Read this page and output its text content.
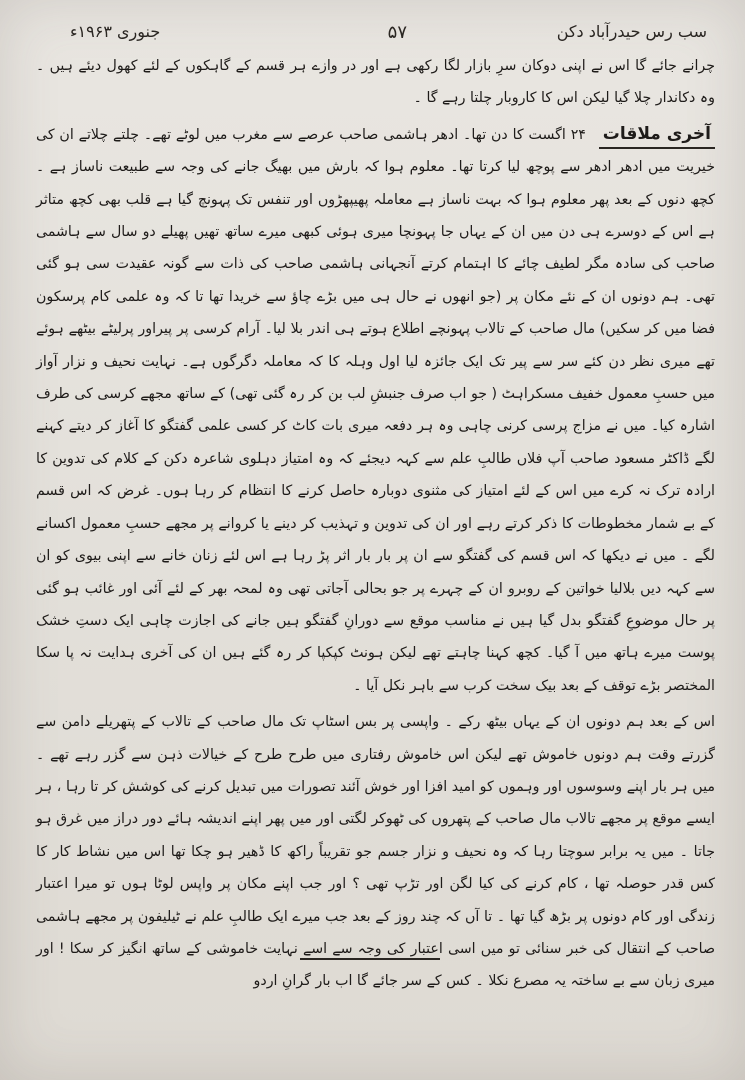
سب رس حیدرآباد دکن
۵۷
جنوری ۱۹۶۳ء

چرانے جائے گا اس نے اپنی دوکان سرِ بازار لگا رکھی ہے اور در وازے ہر قسم کے گاہکوں کے لئے کھول دیئے ہیں ۔ وہ دکاندار چلا گیا لیکن اس کا کاروبار چلتا رہے گا ۔

آخری ملاقات ۲۴ اگست کا دن تھا۔ ادھر ہاشمی صاحب عرصے سے مغرب میں لوٹے تھے۔ چلتے چلاتے ان کی خیریت میں ادھر ادھر سے پوچھ لیا کرتا تھا۔ معلوم ہوا کہ بارش میں بھیگ جانے کی وجہ سے طبیعت ناساز ہے ۔ کچھ دنوں کے بعد پھر معلوم ہوا کہ بہت ناساز ہے معاملہ پھیپھڑوں اور تنفس تک پہونچ گیا ہے قلب بھی کچھ متاثر ہے اس کے دوسرے ہی دن میں ان کے یہاں جا پہونچا میری ہوئی کبھی میرے ساتھ تھیں پھیلے دو سال سے ہاشمی صاحب کی سادہ مگر لطیف چائے کا اہتمام کرتے آنجہانی ہاشمی صاحب کی ذات سے گونہ عقیدت سی ہو گئی تھی۔ ہم دونوں ان کے نئے مکان پر (جو انھوں نے حال ہی میں بڑے چاؤ سے خریدا تھا تا کہ وہ علمی کام پرسکون فضا میں کر سکیں) مال صاحب کے تالاب پہونچے اطلاع ہوتے ہی اندر بلا لیا۔ آرام کرسی پر پیراور پرلیٹے بیٹھے ہوئے تھے میری نظر دن کئے سر سے پیر تک ایک جائزہ لیا اول وہلہ کا کہ معاملہ دگرگوں ہے۔ نہایت نحیف و نزار آواز میں حسبِ معمول خفیف مسکراہٹ ( جو اب صرف جنبشِ لب بن کر رہ گئی تھی) کے ساتھ مجھے کرسی کی طرف اشارہ کیا۔ میں نے مزاج پرسی کرنی چاہی وہ ہر دفعہ میری بات کاٹ کر کسی علمی گفتگو کا آغاز کر دیتے کہنے لگے ڈاکٹر مسعود صاحب آپ فلاں طالبِ علم سے کہہ دیجئے کہ وہ امتیاز دہلوی شاعرہ دکن کے کلام کی تدوین کا ارادہ ترک نہ کرے میں اس کے لئے امتیاز کی مثنوی دوبارہ حاصل کرنے کا انتظام کر رہا ہوں۔ غرض کہ اس قسم کے بے شمار مخطوطات کا ذکر کرتے رہے اور ان کی تدوین و تہذیب کر دینے یا کروانے پر مجھے حسبِ معمول اکسانے لگے ۔ میں نے دیکھا کہ اس قسم کی گفتگو سے ان پر بار بار اثر پڑ رہا ہے اس لئے زنان خانے سے اپنی بیوی کو ان سے کہہ دیں بلالیا خواتین کے روبرو ان کے چہرے پر جو بحالی آجاتی تھی وہ لمحہ بھر کے لئے آئی اور غائب ہو گئی پر حال موضوعِ گفتگو بدل گیا ہیں نے مناسب موقع سے دورانِ گفتگو ہیں جانے کی اجازت چاہی ایک دستِ خشک پوست میرے ہاتھ میں آ گیا۔ کچھ کہنا چاہتے تھے لیکن ہونٹ کپکپا کر رہ گئے ہیں ان کی آخری ہدایت نہ پا سکا المختصر بڑے توقف کے بعد بیک سخت کرب سے باہر نکل آیا ۔

اس کے بعد ہم دونوں ان کے یہاں بیٹھ رکے ۔ واپسی پر بس اسٹاپ تک مال صاحب کے تالاب کے پتھریلے دامن سے گزرتے وقت ہم دونوں خاموش تھے لیکن اس خاموش رفتاری میں طرح طرح کے خیالات ذہن سے گزر رہے تھے ۔ میں ہر بار اپنے وسوسوں اور وہموں کو امید افزا اور خوش آئند تصورات میں تبدیل کرنے کی کوشش کر تا رہا ، ہر ایسے موقع پر مجھے تالاب مال صاحب کے پتھروں کی ٹھوکر لگتی اور میں پھر اپنے اندیشہ ہائے دور دراز میں غرق ہو جاتا ۔ میں یہ برابر سوچتا رہا کہ وہ نحیف و نزار جسم جو تقریباً راکھ کا ڈھیر ہو چکا تھا اس میں نشاط کار کا کس قدر حوصلہ تھا ، کام کرنے کی کیا لگن اور تڑپ تھی ؟ اور جب اپنے مکان پر واپس لوٹا ہوں تو میرا اعتبار زندگی اور کام دونوں پر بڑھ گیا تھا ۔ تا آں کہ چند روز کے بعد جب میرے ایک طالبِ علم نے ٹیلیفون پر مجھے ہاشمی صاحب کے انتقال کی خبر سنائی تو میں اسی اعتبار کی وجہ سے اسے نہایت خاموشی کے ساتھ انگیز کر سکا ! اور میری زبان سے بے ساختہ یہ مصرع نکلا ۔ کس کے سر جائے گا اب بار گرانِ اردو
